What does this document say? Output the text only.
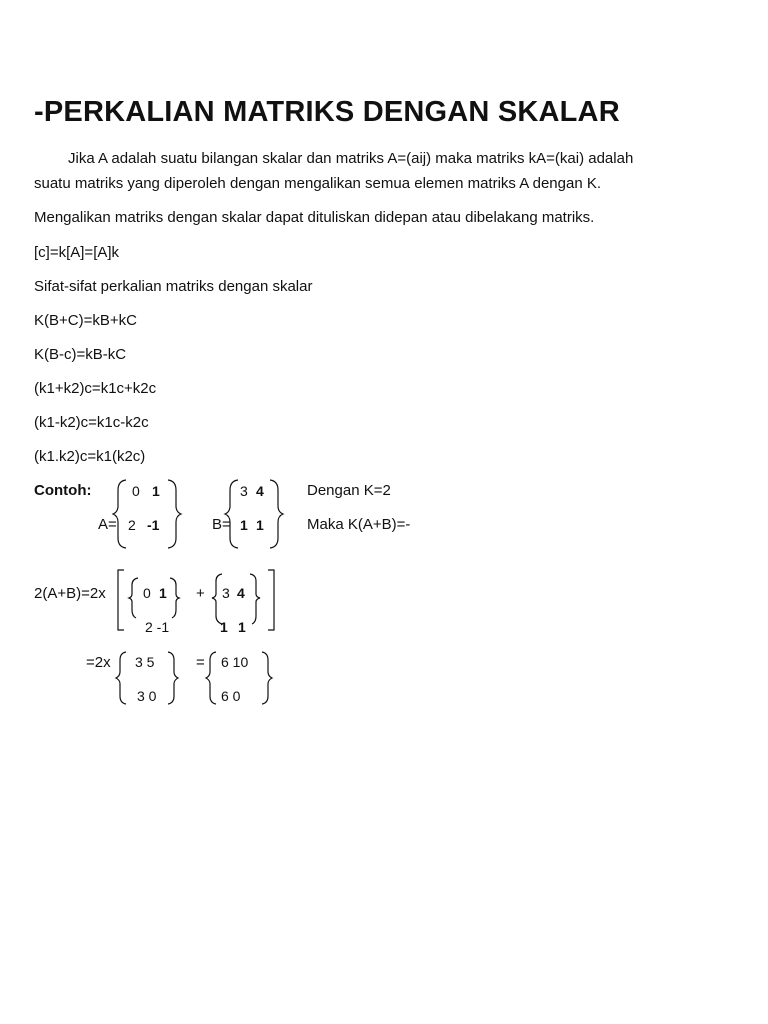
-PERKALIAN MATRIKS DENGAN SKALAR
Jika A adalah suatu bilangan skalar dan matriks A=(aij) maka matriks kA=(kai) adalah
suatu matriks yang diperoleh dengan mengalikan semua elemen matriks A dengan K.
Mengalikan matriks dengan skalar dapat dituliskan didepan atau dibelakang matriks.
[c]=k[A]=[A]k
Sifat-sifat perkalian matriks dengan skalar
K(B+C)=kB+kC
K(B-c)=kB-kC
(k1+k2)c=k1c+k2c
(k1-k2)c=k1c-k2c
(k1.k2)c=k1(k2c)
Contoh:
A=	B=
Dengan K=2
Maka K(A+B)=-
0 1
2 -1
3 4
1 1
2(A+B)=2x	+
0 1
2 -1
3 4
1 1
=2x	=
3 5
3 0
6 10
6 0
